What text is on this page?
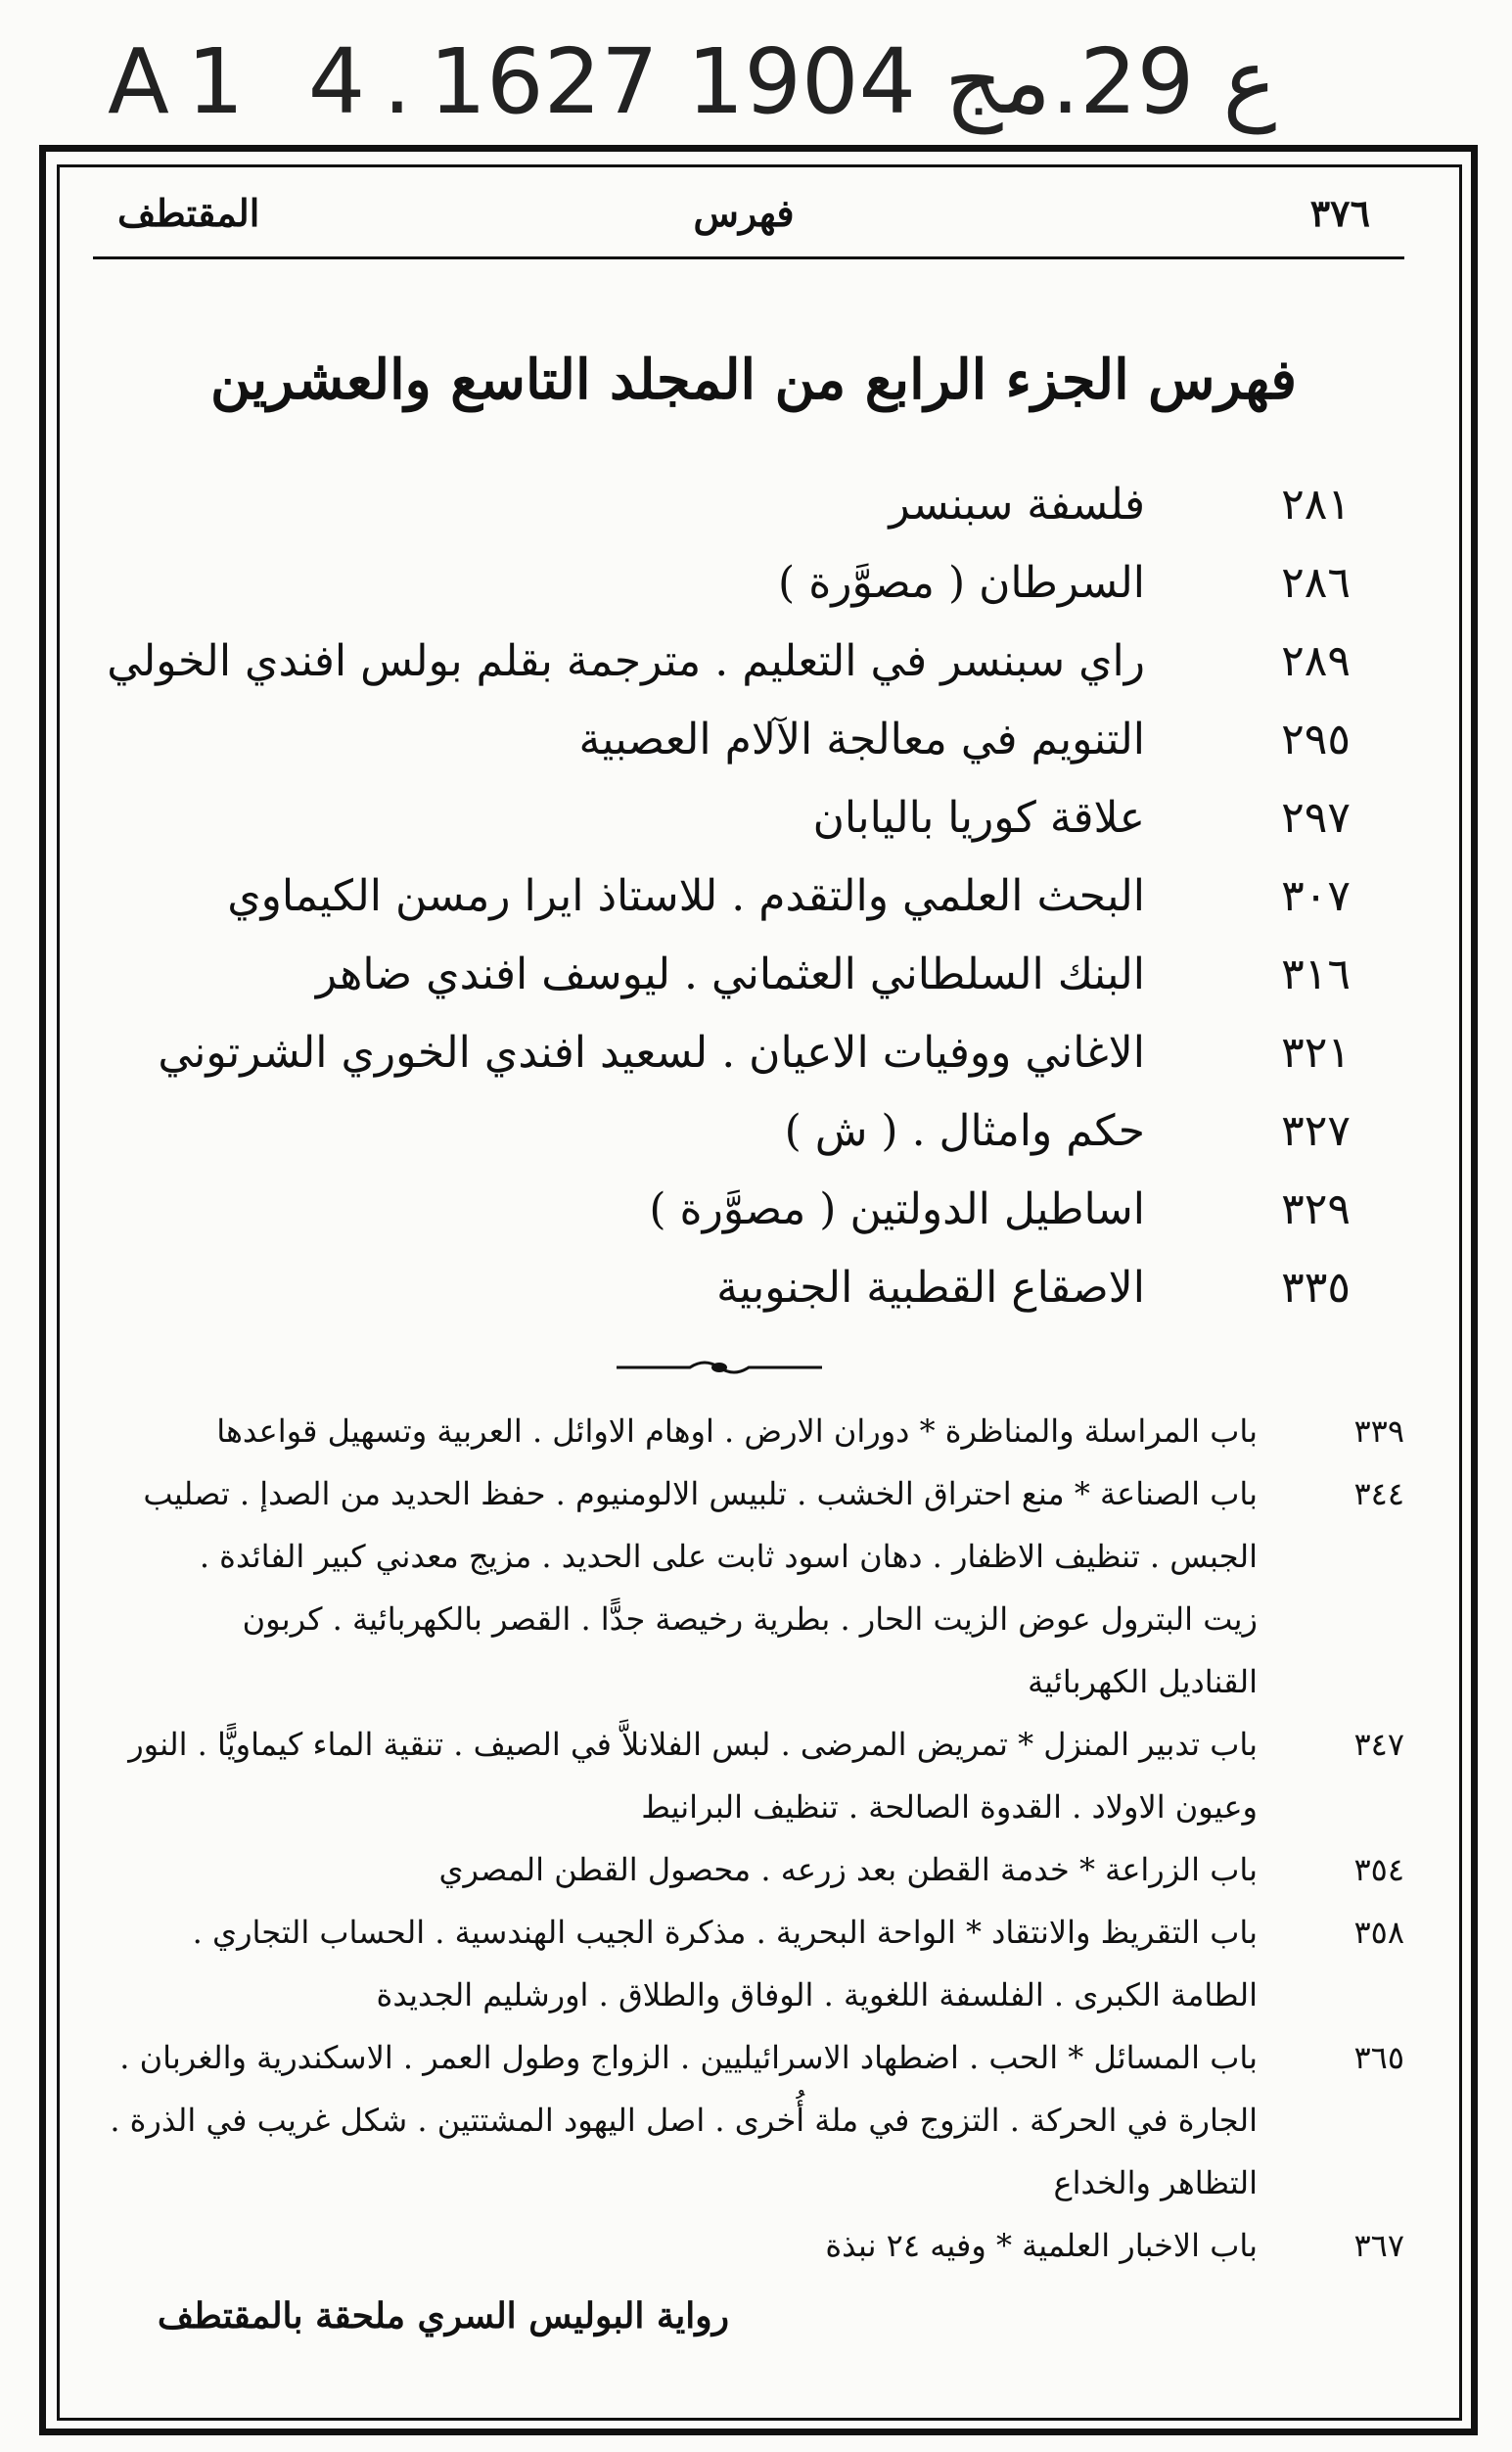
A1 4.ع 29.مج 1904 1627
٣٧٦
فهرس
المقتطف
فهرس الجزء الرابع من المجلد التاسع والعشرين
٢٨١
فلسفة سبنسر
٢٨٦
السرطان ( مصوَّرة )
٢٨٩
راي سبنسر في التعليم . مترجمة بقلم بولس افندي الخولي
٢٩٥
التنويم في معالجة الآلام العصبية
٢٩٧
علاقة كوريا باليابان
٣٠٧
البحث العلمي والتقدم . للاستاذ ايرا رمسن الكيماوي
٣١٦
البنك السلطاني العثماني . ليوسف افندي ضاهر
٣٢١
الاغاني ووفيات الاعيان . لسعيد افندي الخوري الشرتوني
٣٢٧
حكم وامثال . ( ش )
٣٢٩
اساطيل الدولتين ( مصوَّرة )
٣٣٥
الاصقاع القطبية الجنوبية
٣٣٩
باب المراسلة والمناظرة * دوران الارض . اوهام الاوائل . العربية وتسهيل قواعدها
٣٤٤
باب الصناعة * منع احتراق الخشب . تلبيس الالومنيوم . حفظ الحديد من الصدإ . تصليب
الجبس . تنظيف الاظفار . دهان اسود ثابت على الحديد . مزيج معدني كبير الفائدة .
زيت البترول عوض الزيت الحار . بطرية رخيصة جدًّا . القصر بالكهربائية . كربون
القناديل الكهربائية
٣٤٧
باب تدبير المنزل * تمريض المرضى . لبس الفلانلاَّ في الصيف . تنقية الماء كيماويًّا . النور
وعيون الاولاد . القدوة الصالحة . تنظيف البرانيط
٣٥٤
باب الزراعة * خدمة القطن بعد زرعه . محصول القطن المصري
٣٥٨
باب التقريظ والانتقاد * الواحة البحرية . مذكرة الجيب الهندسية . الحساب التجاري .
الطامة الكبرى . الفلسفة اللغوية . الوفاق والطلاق . اورشليم الجديدة
٣٦٥
باب المسائل * الحب . اضطهاد الاسرائيليين . الزواج وطول العمر . الاسكندرية والغربان .
الجارة في الحركة . التزوج في ملة أُخرى . اصل اليهود المشتتين . شكل غريب في الذرة .
التظاهر والخداع
٣٦٧
باب الاخبار العلمية * وفيه ٢٤ نبذة
رواية البوليس السري ملحقة بالمقتطف
